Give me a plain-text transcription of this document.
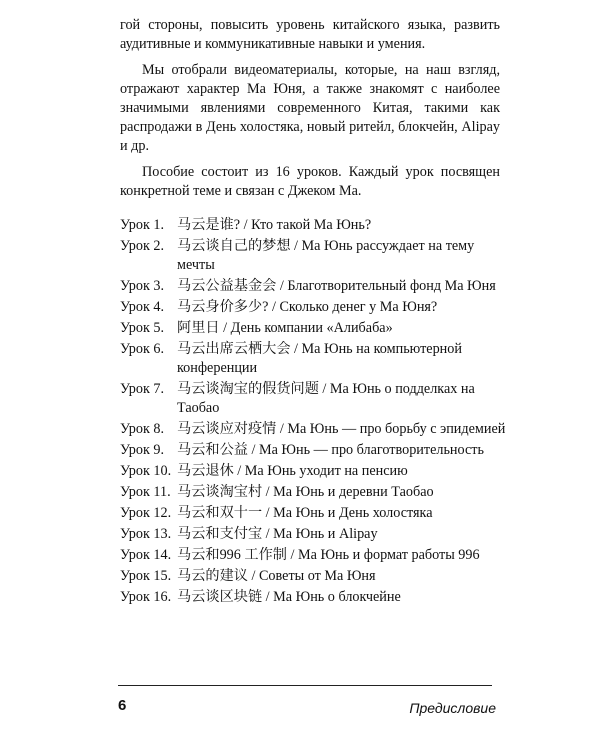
гой стороны, повысить уровень китайского языка, развить аудитивные и коммуникативные навыки и умения.

Мы отобрали видеоматериалы, которые, на наш взгляд, отражают характер Ма Юня, а также знакомят с наиболее значимыми явлениями современного Китая, такими как распродажи в День холостяка, новый ритейл, блокчейн, Alipay и др.

Пособие состоит из 16 уроков. Каждый урок посвящен конкретной теме и связан с Джеком Ма.

Урок 1. 马云是谁? / Кто такой Ма Юнь?
Урок 2. 马云谈自己的梦想 / Ма Юнь рассуждает на тему мечты
Урок 3. 马云公益基金会 / Благотворительный фонд Ма Юня
Урок 4. 马云身价多少? / Сколько денег у Ма Юня?
Урок 5. 阿里日 / День компании «Алибаба»
Урок 6. 马云出席云栖大会 / Ма Юнь на компьютерной конференции
Урок 7. 马云谈淘宝的假货问题 / Ма Юнь о подделках на Таобао
Урок 8. 马云谈应对疫情 / Ма Юнь — про борьбу с эпидемией
Урок 9. 马云和公益 / Ма Юнь — про благотворительность
Урок 10. 马云退休 / Ма Юнь уходит на пенсию
Урок 11. 马云谈淘宝村 / Ма Юнь и деревни Таобао
Урок 12. 马云和双十一 / Ма Юнь и День холостяка
Урок 13. 马云和支付宝 / Ма Юнь и Alipay
Урок 14. 马云和996 工作制 / Ма Юнь и формат работы 996
Урок 15. 马云的建议 / Советы от Ма Юня
Урок 16. 马云谈区块链 / Ма Юнь о блокчейне
6	Предисловие
